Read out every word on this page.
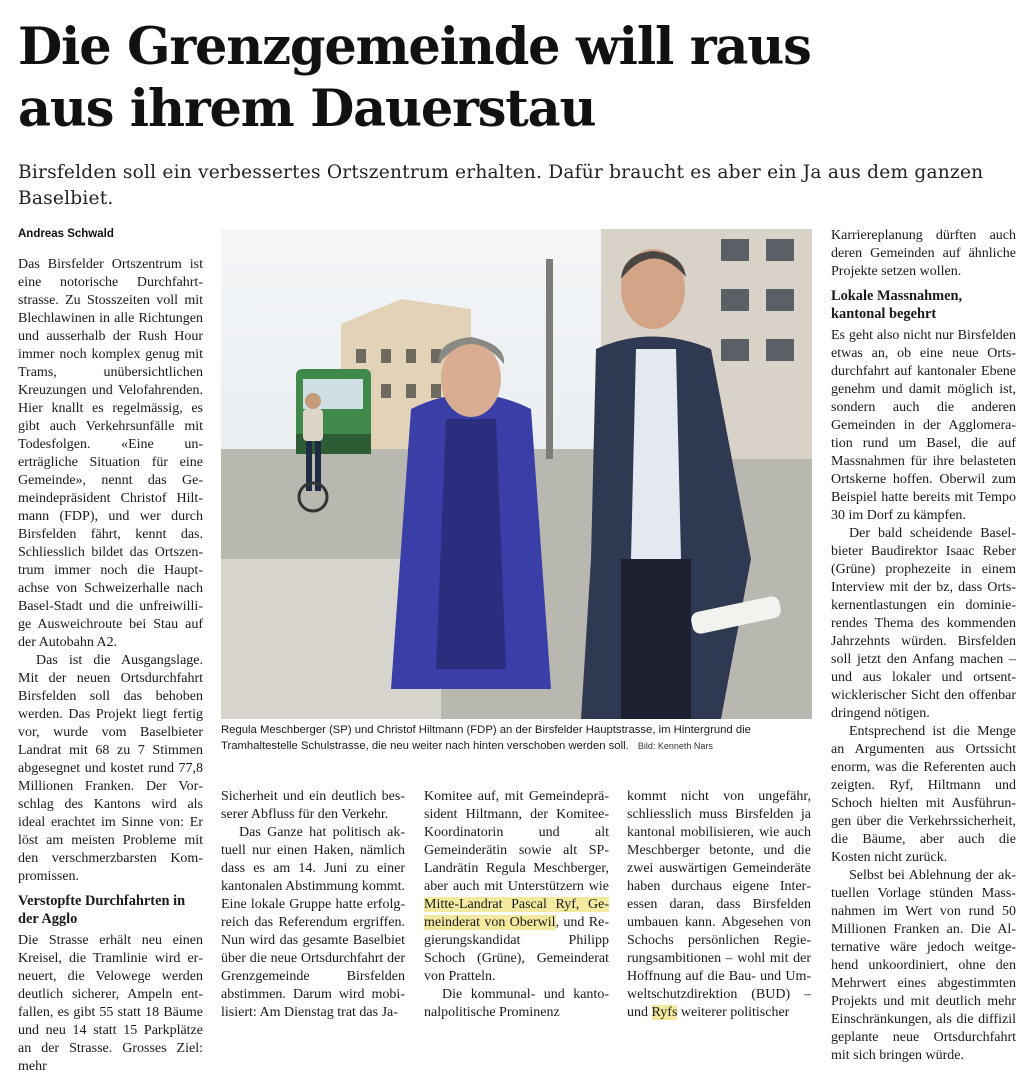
Die Grenzgemeinde will raus
aus ihrem Dauerstau

Birsfelden soll ein verbessertes Ortszentrum erhalten. Dafür braucht es aber ein Ja aus dem ganzen Baselbiet.

Andreas Schwald

Das Birsfelder Ortszentrum ist eine notorische Durchfahrtstrasse. Zu Stosszeiten voll mit Blechlawinen in alle Richtungen und ausserhalb der Rush Hour immer noch komplex genug mit Trams, unübersichtlichen Kreuzungen und Velofahrenden. Hier knallt es regelmässig, es gibt auch Verkehrsunfälle mit Todesfolgen. «Eine unerträgliche Situation für eine Gemeinde», nennt das Gemeindepräsident Christof Hiltmann (FDP), und wer durch Birsfelden fährt, kennt das. Schliesslich bildet das Ortszentrum immer noch die Hauptachse von Schweizerhalle nach Basel-Stadt und die unfreiwillige Ausweichroute bei Stau auf der Autobahn A2.

Das ist die Ausgangslage. Mit der neuen Ortsdurchfahrt Birsfelden soll das behoben werden. Das Projekt liegt fertig vor, wurde vom Baselbieter Landrat mit 68 zu 7 Stimmen abgesegnet und kostet rund 77,8 Millionen Franken. Der Vorschlag des Kantons wird als ideal erachtet im Sinne von: Er löst am meisten Probleme mit den verschmerzbarsten Kompromissen.

Verstopfte Durchfahrten in der Agglo

Die Strasse erhält neu einen Kreisel, die Tramlinie wird erneuert, die Velowege werden deutlich sicherer, Ampeln entfallen, es gibt 55 statt 18 Bäume und neu 14 statt 15 Parkplätze an der Strasse. Grosses Ziel: mehr

Regula Meschberger (SP) und Christof Hiltmann (FDP) an der Birsfelder Hauptstrasse, im Hintergrund die Tramhaltestelle Schulstrasse, die neu weiter nach hinten verschoben werden soll. Bild: Kenneth Nars

Sicherheit und ein deutlich besserer Abfluss für den Verkehr.

Das Ganze hat politisch aktuell nur einen Haken, nämlich dass es am 14. Juni zu einer kantonalen Abstimmung kommt. Eine lokale Gruppe hatte erfolgreich das Referendum ergriffen. Nun wird das gesamte Baselbiet über die neue Ortsdurchfahrt der Grenzgemeinde Birsfelden abstimmen. Darum wird mobilisiert: Am Dienstag trat das Ja-

Komitee auf, mit Gemeindepräsident Hiltmann, der Komitee-Koordinatorin und alt Gemeinderätin sowie alt SP-Landrätin Regula Meschberger, aber auch mit Unterstützern wie Mitte-Landrat Pascal Ryf, Gemeinderat von Oberwil, und Regierungskandidat Philipp Schoch (Grüne), Gemeinderat von Pratteln.

Die kommunal- und kantonalpolitische Prominenz

kommt nicht von ungefähr, schliesslich muss Birsfelden ja kantonal mobilisieren, wie auch Meschberger betonte, und die zwei auswärtigen Gemeinderäte haben durchaus eigene Interessen daran, dass Birsfelden umbauen kann. Abgesehen von Schochs persönlichen Regierungsambitionen – wohl mit der Hoffnung auf die Bau- und Umweltschutzdirektion (BUD) – und Ryfs weiterer politischer

Karriereplanung dürften auch deren Gemeinden auf ähnliche Projekte setzen wollen.

Lokale Massnahmen, kantonal begehrt

Es geht also nicht nur Birsfelden etwas an, ob eine neue Ortsdurchfahrt auf kantonaler Ebene genehm und damit möglich ist, sondern auch die anderen Gemeinden in der Agglomeration rund um Basel, die auf Massnahmen für ihre belasteten Ortskerne hoffen. Oberwil zum Beispiel hatte bereits mit Tempo 30 im Dorf zu kämpfen.

Der bald scheidende Baselbieter Baudirektor Isaac Reber (Grüne) prophezeite in einem Interview mit der bz, dass Ortskernentlastungen ein dominierendes Thema des kommenden Jahrzehnts würden. Birsfelden soll jetzt den Anfang machen – und aus lokaler und ortsentwicklerischer Sicht den offenbar dringend nötigen.

Entsprechend ist die Menge an Argumenten aus Ortssicht enorm, was die Referenten auch zeigten. Ryf, Hiltmann und Schoch hielten mit Ausführungen über die Verkehrssicherheit, die Bäume, aber auch die Kosten nicht zurück.

Selbst bei Ablehnung der aktuellen Vorlage stünden Massnahmen im Wert von rund 50 Millionen Franken an. Die Alternative wäre jedoch weitgehend unkoordiniert, ohne den Mehrwert eines abgestimmten Projekts und mit deutlich mehr Einschränkungen, als die diffizil geplante neue Ortsdurchfahrt mit sich bringen würde.
